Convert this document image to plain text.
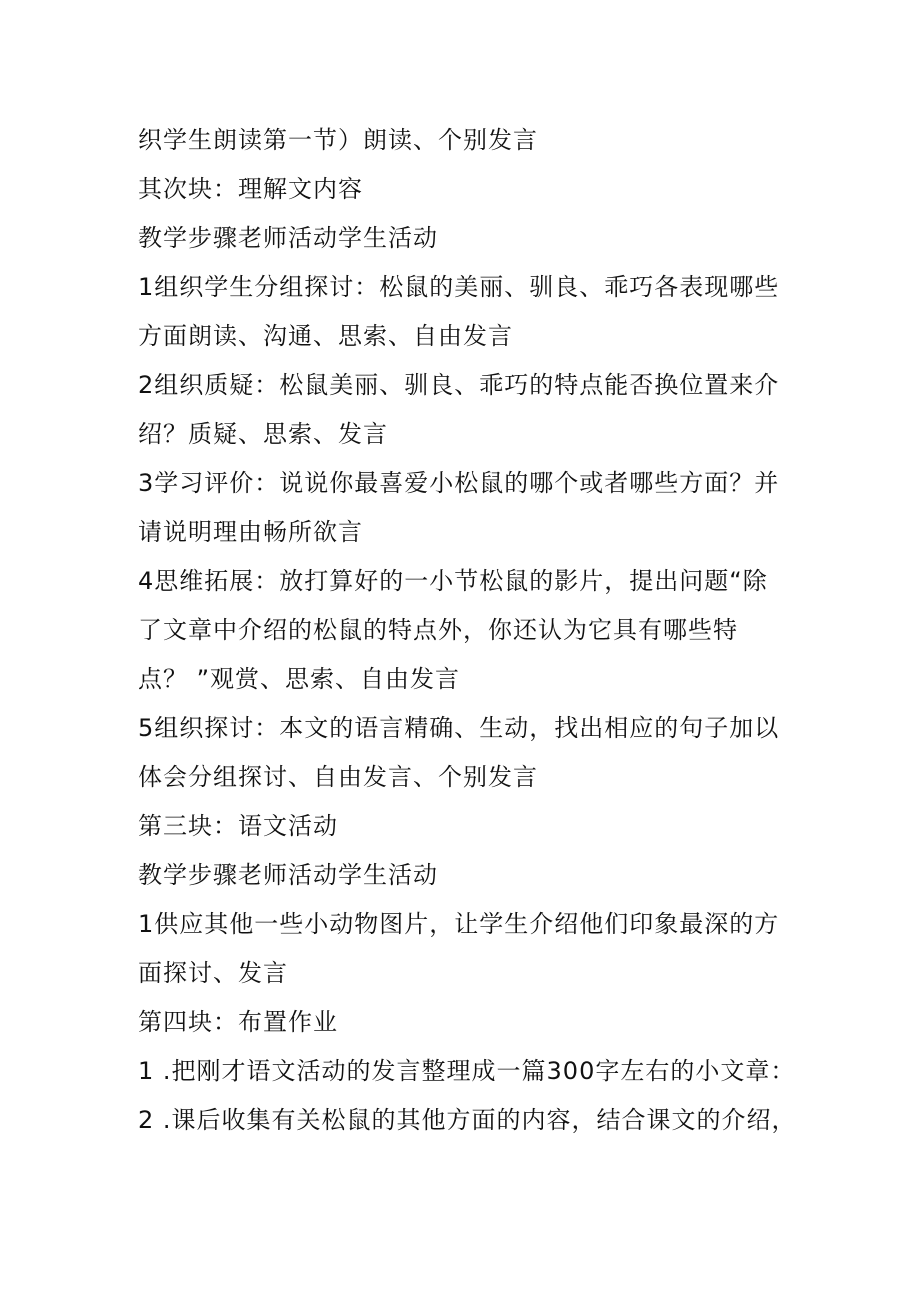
织学生朗读第一节）朗读、个别发言
其次块：理解文内容
教学步骤老师活动学生活动
1组织学生分组探讨：松鼠的美丽、驯良、乖巧各表现哪些
方面朗读、沟通、思索、自由发言
2组织质疑：松鼠美丽、驯良、乖巧的特点能否换位置来介
绍？质疑、思索、发言
3学习评价：说说你最喜爱小松鼠的哪个或者哪些方面？并
请说明理由畅所欲言
4思维拓展：放打算好的一小节松鼠的影片，提出问题“除
了文章中介绍的松鼠的特点外，你还认为它具有哪些特
点？ ”观赏、思索、自由发言
5组织探讨：本文的语言精确、生动，找出相应的句子加以
体会分组探讨、自由发言、个别发言
第三块：语文活动
教学步骤老师活动学生活动
1供应其他一些小动物图片，让学生介绍他们印象最深的方
面探讨、发言
第四块：布置作业
1 .把刚才语文活动的发言整理成一篇300字左右的小文章：
2 .课后收集有关松鼠的其他方面的内容，结合课文的介绍，
